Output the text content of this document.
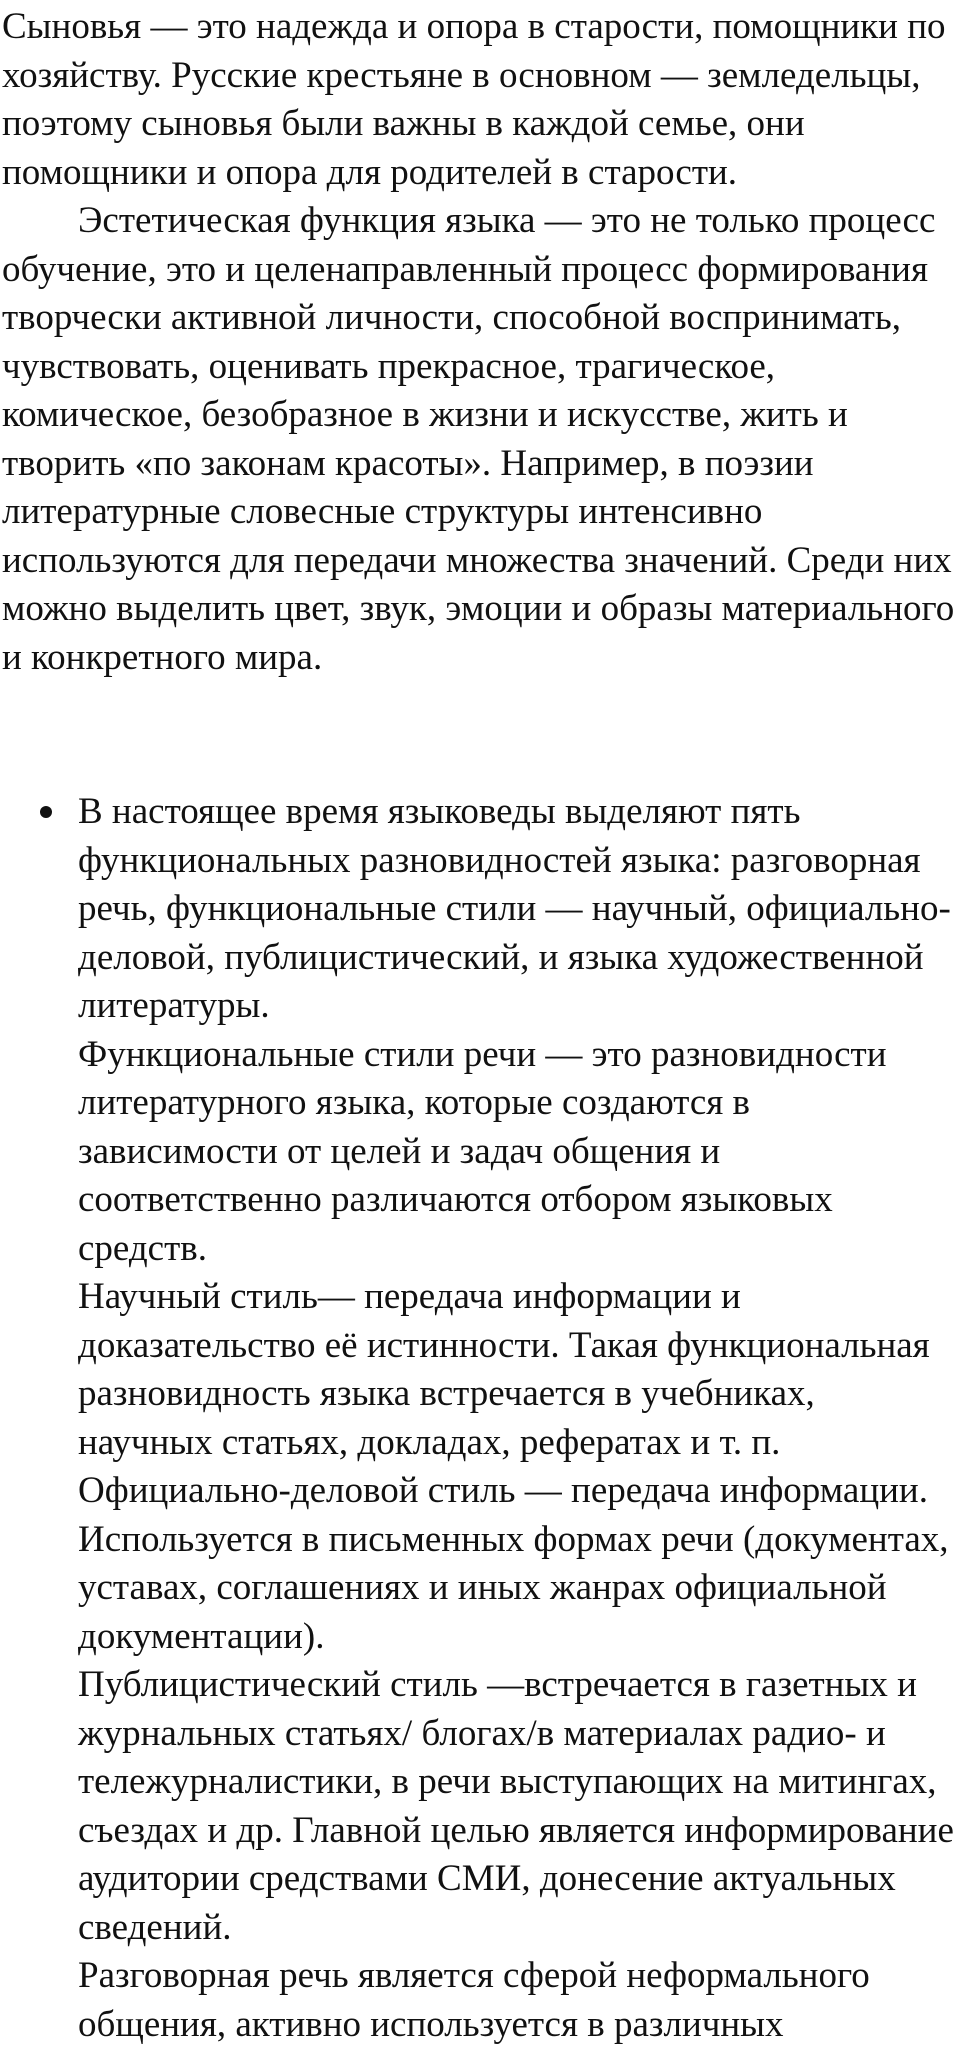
Сыновья — это надежда и опора в старости, помощники по хозяйству. Русские крестьяне в основном — земледельцы, поэтому сыновья были важны в каждой семье, они помощники и опора для родителей в старости.
Эстетическая функция языка — это не только процесс обучение, это и целенаправленный процесс формирования творчески активной личности, способной воспринимать, чувствовать, оценивать прекрасное, трагическое, комическое, безобразное в жизни и искусстве, жить и творить «по законам красоты». Например, в поэзии литературные словесные структуры интенсивно используются для передачи множества значений. Среди них можно выделить цвет, звук, эмоции и образы материального и конкретного мира.
В настоящее время языковеды выделяют пять функциональных разновидностей языка: разговорная речь, функциональные стили — научный, официально-деловой, публицистический, и языка художественной литературы.
Функциональные стили речи — это разновидности литературного языка, которые создаются в зависимости от целей и задач общения и соответственно различаются отбором языковых средств.
Научный стиль— передача информации и доказательство её истинности. Такая функциональная разновидность языка встречается в учебниках, научных статьях, докладах, рефератах и т. п.
Официально-деловой стиль — передача информации. Используется в письменных формах речи (документах, уставах, соглашениях и иных жанрах официальной документации).
Публицистический стиль —встречается в газетных и журнальных статьях/ блогах/в материалах радио- и тележурналистики, в речи выступающих на митингах, съездах и др. Главной целью является информирование аудитории средствами СМИ, донесение актуальных сведений.
Разговорная речь является сферой неформального общения, активно используется в различных
